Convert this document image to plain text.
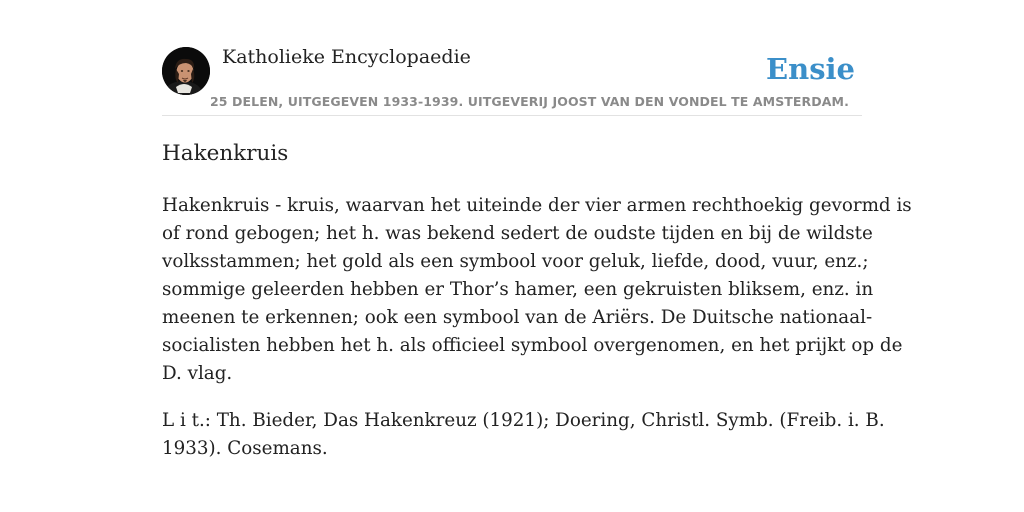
Katholieke Encyclopaedie	Ensie
25 DELEN, UITGEGEVEN 1933-1939. UITGEVERIJ JOOST VAN DEN VONDEL TE AMSTERDAM.
Hakenkruis

Hakenkruis - kruis, waarvan het uiteinde der vier armen rechthoekig gevormd is
of rond gebogen; het h. was bekend sedert de oudste tijden en bij de wildste
volksstammen; het gold als een symbool voor geluk, liefde, dood, vuur, enz.;
sommige geleerden hebben er Thor’s hamer, een gekruisten bliksem, enz. in
meenen te erkennen; ook een symbool van de Ariërs. De Duitsche nationaal-
socialisten hebben het h. als officieel symbool overgenomen, en het prijkt op de
D. vlag.

L i t.: Th. Bieder, Das Hakenkreuz (1921); Doering, Christl. Symb. (Freib. i. B.
1933). Cosemans.
